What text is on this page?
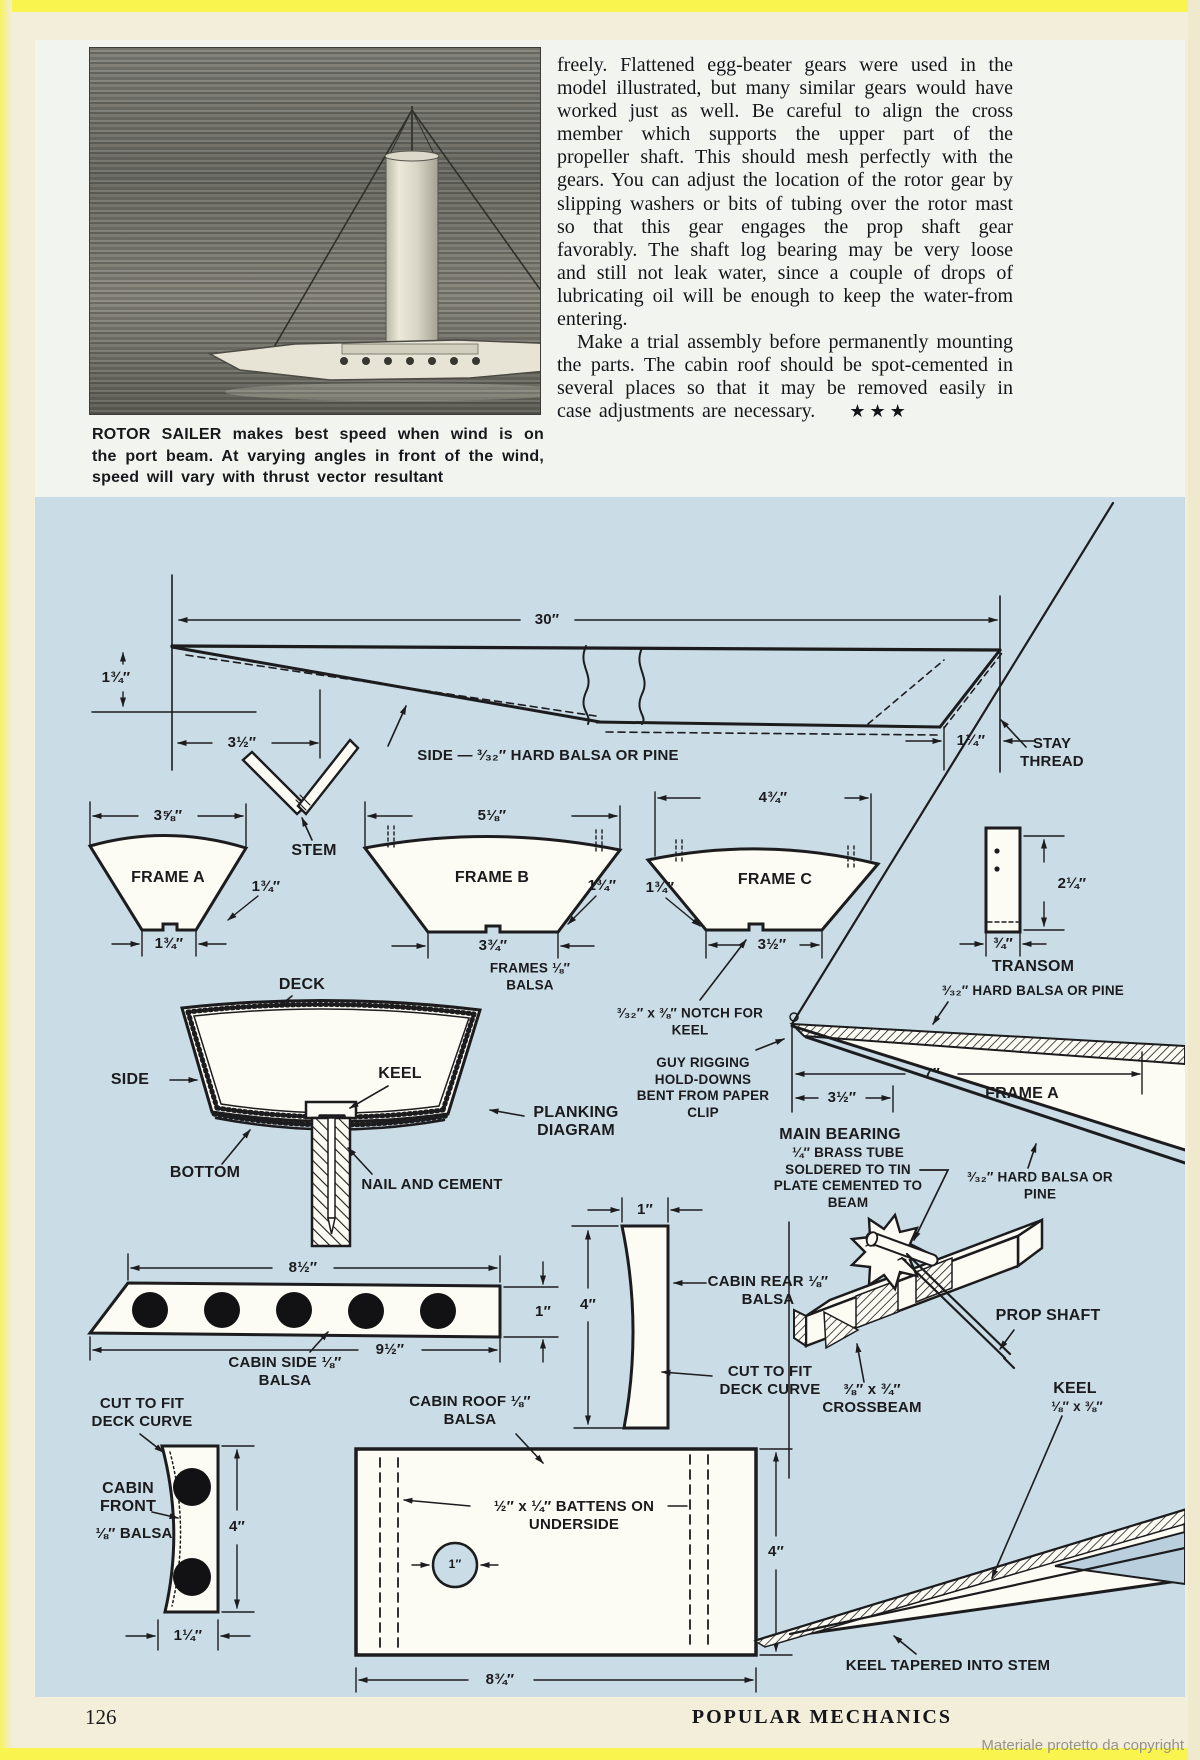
ROTOR SAILER makes best speed when wind is on the port beam. At varying angles in front of the wind, speed will vary with thrust vector resultant

freely. Flattened egg-beater gears were used in the model illustrated, but many similar gears would have worked just as well. Be careful to align the cross member which supports the upper part of the propeller shaft. This should mesh perfectly with the gears. You can adjust the location of the rotor gear by slipping washers or bits of tubing over the rotor mast so that this gear engages the prop shaft gear favorably. The shaft log bearing may be very loose and still not leak water, since a couple of drops of lubricating oil will be enough to keep the water-from entering.

Make a trial assembly before permanently mounting the parts. The cabin roof should be spot-cemented in several places so that it may be removed easily in case adjustments are necessary. ★★★

30″
1¾″
3½″
SIDE — ³⁄₃₂″ HARD BALSA OR PINE
1¼″	STAY THREAD
STEM
3⅝″
FRAME A
1¾″
1¾″
5⅛″
FRAME B	1¾″
3¾″
4¾″
FRAME C
1¾″
3½″
2¼″
¾″
TRANSOM
³⁄₃₂″ HARD BALSA OR PINE
FRAMES ⅛″ BALSA
DECK
³⁄₃₂″ x ⅜″ NOTCH FOR KEEL
GUY RIGGING HOLD-DOWNS BENT FROM PAPER CLIP
SIDE	KEEL
PLANKING DIAGRAM
BOTTOM
NAIL AND CEMENT
7″
3½″	FRAME A
MAIN BEARING
¼″ BRASS TUBE SOLDERED TO TIN PLATE CEMENTED TO BEAM
³⁄₃₂″ HARD BALSA OR PINE
8½″
9½″
1″
CABIN SIDE ⅛″ BALSA
CUT TO FIT DECK CURVE
CABIN FRONT
⅛″ BALSA	4″
1¼″
CABIN ROOF ⅛″ BALSA
½″ x ¼″ BATTENS ON UNDERSIDE
1″
8¾″
4″
1″
4″
CABIN REAR ⅛″ BALSA
CUT TO FIT DECK CURVE
PROP SHAFT
⅜″ x ¾″ CROSSBEAM
KEEL
⅛″ x ⅜″
KEEL TAPERED INTO STEM
126	POPULAR MECHANICS
Materiale protetto da copyright
